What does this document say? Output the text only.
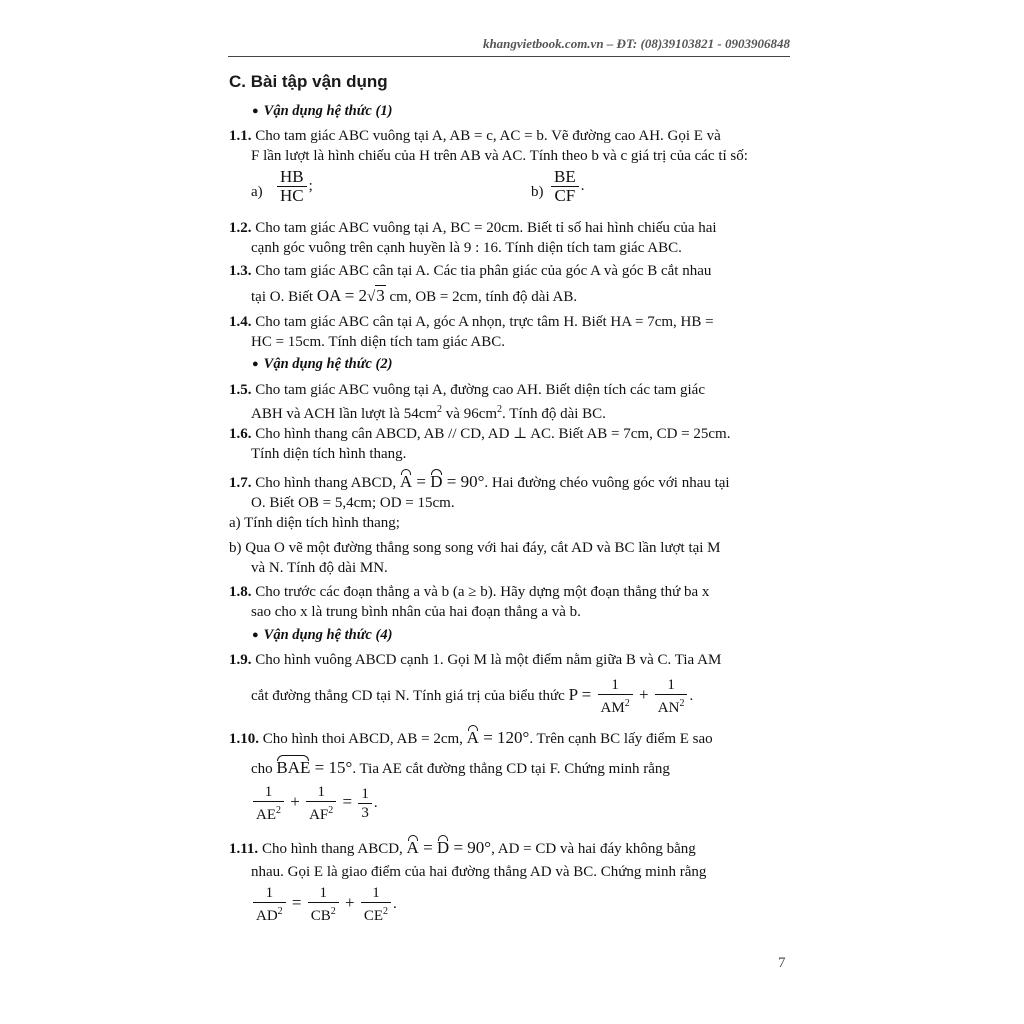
khangvietbook.com.vn – ĐT: (08)39103821 - 0903906848
C. Bài tập vận dụng
● Vận dụng hệ thức (1)
1.1. Cho tam giác ABC vuông tại A, AB = c, AC = b. Vẽ đường cao AH. Gọi E và
F lần lượt là hình chiếu của H trên AB và AC. Tính theo b và c giá trị của các tỉ số:
$a) \frac{HB}{HC}$ ;	$b) \frac{BE}{CF}$ .
1.2. Cho tam giác ABC vuông tại A, BC = 20cm. Biết tỉ số hai hình chiếu của hai
cạnh góc vuông trên cạnh huyền là 9 : 16. Tính diện tích tam giác ABC.
1.3. Cho tam giác ABC cân tại A. Các tia phân giác của góc A và góc B cắt nhau
tại O. Biết OA = 2√3 cm, OB = 2cm, tính độ dài AB.
1.4. Cho tam giác ABC cân tại A, góc A nhọn, trực tâm H. Biết HA = 7cm, HB =
HC = 15cm. Tính diện tích tam giác ABC.
● Vận dụng hệ thức (2)
1.5. Cho tam giác ABC vuông tại A, đường cao AH. Biết diện tích các tam giác
ABH và ACH lần lượt là $54cm^2$ và $96cm^2$. Tính độ dài BC.
1.6. Cho hình thang cân ABCD, AB // CD, AD ⊥ AC. Biết AB = 7cm, CD = 25cm.
Tính diện tích hình thang.
1.7. Cho hình thang ABCD, A = D = 90°. Hai đường chéo vuông góc với nhau tại
O. Biết OB = 5,4cm; OD = 15cm.
a) Tính diện tích hình thang;
b) Qua O vẽ một đường thẳng song song với hai đáy, cắt AD và BC lần lượt tại M
và N. Tính độ dài MN.
1.8. Cho trước các đoạn thẳng a và b (a ≥ b). Hãy dựng một đoạn thẳng thứ ba x
sao cho x là trung bình nhân của hai đoạn thẳng a và b.
● Vận dụng hệ thức (4)
1.9. Cho hình vuông ABCD cạnh 1. Gọi M là một điểm nằm giữa B và C. Tia AM
cắt đường thẳng CD tại N. Tính giá trị của biểu thức $P = \frac{1}{AM^2} + \frac{1}{AN^2}$ .
1.10. Cho hình thoi ABCD, AB = 2cm, A = 120°. Trên cạnh BC lấy điểm E sao
cho BAE = 15°. Tia AE cắt đường thẳng CD tại F. Chứng minh rằng
$\frac{1}{AE^2} + \frac{1}{AF^2} = \frac{1}{3}$ .
1.11. Cho hình thang ABCD, A = D = 90°, AD = CD và hai đáy không bằng
nhau. Gọi E là giao điểm của hai đường thẳng AD và BC. Chứng minh rằng
$\frac{1}{AD^2} = \frac{1}{CB^2} + \frac{1}{CE^2}$ .
7
